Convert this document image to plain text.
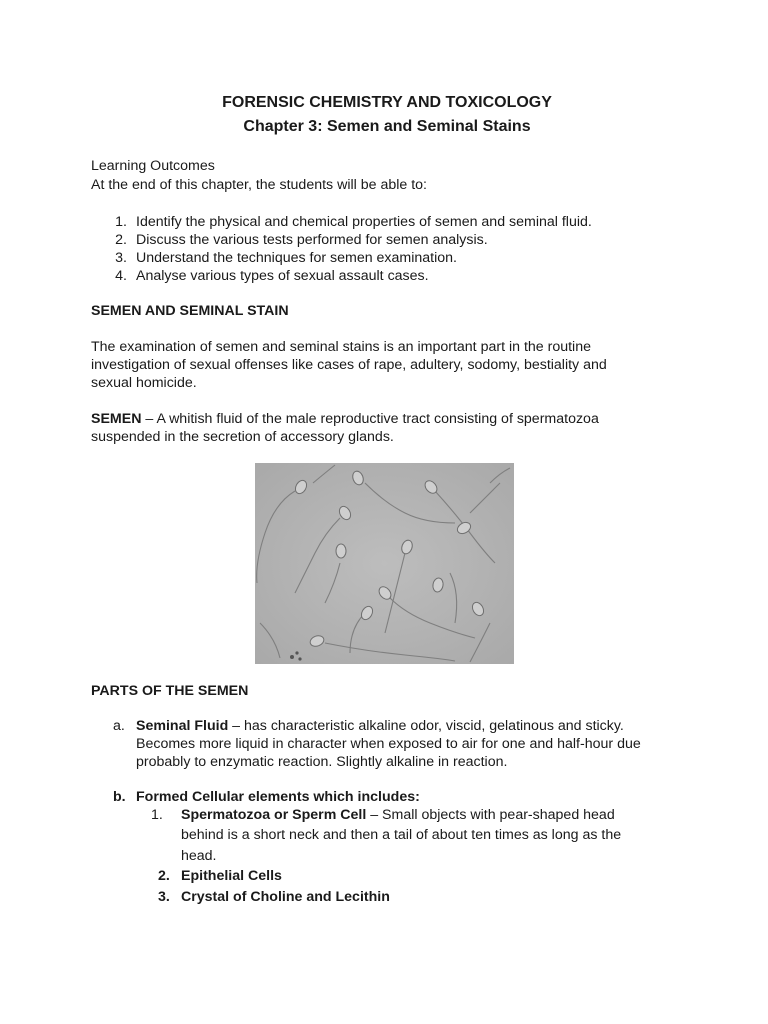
FORENSIC CHEMISTRY AND TOXICOLOGY
Chapter 3: Semen and Seminal Stains
Learning Outcomes
At the end of this chapter, the students will be able to:
1. Identify the physical and chemical properties of semen and seminal fluid.
2. Discuss the various tests performed for semen analysis.
3. Understand the techniques for semen examination.
4. Analyse various types of sexual assault cases.
SEMEN AND SEMINAL STAIN
The examination of semen and seminal stains is an important part in the routine
investigation of sexual offenses like cases of rape, adultery, sodomy, bestiality and
sexual homicide.
SEMEN – A whitish fluid of the male reproductive tract consisting of spermatozoa
suspended in the secretion of accessory glands.
PARTS OF THE SEMEN
a. Seminal Fluid – has characteristic alkaline odor, viscid, gelatinous and sticky.
Becomes more liquid in character when exposed to air for one and half-hour due
probably to enzymatic reaction. Slightly alkaline in reaction.
b. Formed Cellular elements which includes:
1. Spermatozoa or Sperm Cell – Small objects with pear-shaped head
behind is a short neck and then a tail of about ten times as long as the
head.
2. Epithelial Cells
3. Crystal of Choline and Lecithin
